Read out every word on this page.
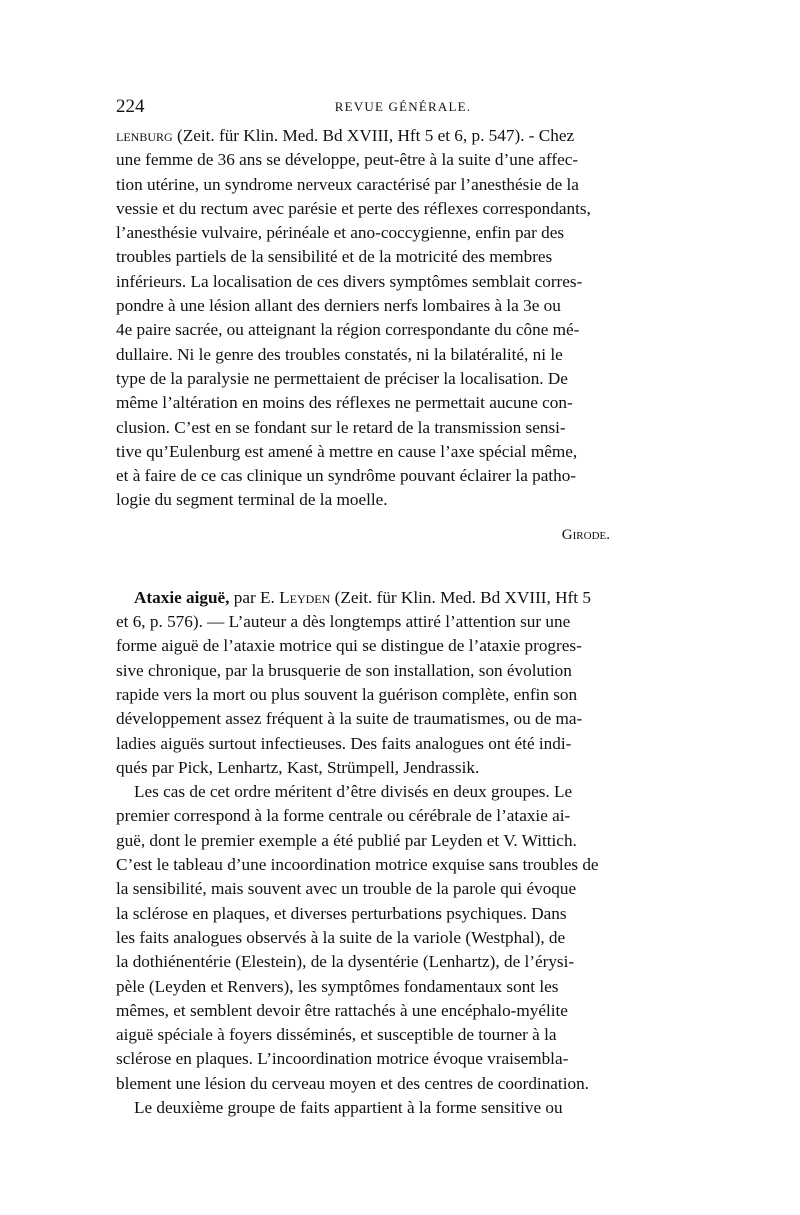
224	REVUE GÉNÉRALE.

lenburg (Zeit. für Klin. Med. Bd XVIII, Hft 5 et 6, p. 547). - Chez
une femme de 36 ans se développe, peut-être à la suite d’une affec-
tion utérine, un syndrome nerveux caractérisé par l’anesthésie de la
vessie et du rectum avec parésie et perte des réflexes correspondants,
l’anesthésie vulvaire, périnéale et ano-coccygienne, enfin par des
troubles partiels de la sensibilité et de la motricité des membres
inférieurs. La localisation de ces divers symptômes semblait corres-
pondre à une lésion allant des derniers nerfs lombaires à la 3e ou
4e paire sacrée, ou atteignant la région correspondante du cône mé-
dullaire. Ni le genre des troubles constatés, ni la bilatéralité, ni le
type de la paralysie ne permettaient de préciser la localisation. De
même l’altération en moins des réflexes ne permettait aucune con-
clusion. C’est en se fondant sur le retard de la transmission sensi-
tive qu’Eulenburg est amené à mettre en cause l’axe spécial même,
et à faire de ce cas clinique un syndrôme pouvant éclairer la patho-
logie du segment terminal de la moelle.

Girode.

Ataxie aiguë, par E. Leyden (Zeit. für Klin. Med. Bd XVIII, Hft 5
et 6, p. 576). — L’auteur a dès longtemps attiré l’attention sur une
forme aiguë de l’ataxie motrice qui se distingue de l’ataxie progres-
sive chronique, par la brusquerie de son installation, son évolution
rapide vers la mort ou plus souvent la guérison complète, enfin son
développement assez fréquent à la suite de traumatismes, ou de ma-
ladies aiguës surtout infectieuses. Des faits analogues ont été indi-
qués par Pick, Lenhartz, Kast, Strümpell, Jendrassik.

Les cas de cet ordre méritent d’être divisés en deux groupes. Le
premier correspond à la forme centrale ou cérébrale de l’ataxie ai-
guë, dont le premier exemple a été publié par Leyden et V. Wittich.
C’est le tableau d’une incoordination motrice exquise sans troubles de
la sensibilité, mais souvent avec un trouble de la parole qui évoque
la sclérose en plaques, et diverses perturbations psychiques. Dans
les faits analogues observés à la suite de la variole (Westphal), de
la dothiénentérie (Elestein), de la dysentérie (Lenhartz), de l’érysi-
pèle (Leyden et Renvers), les symptômes fondamentaux sont les
mêmes, et semblent devoir être rattachés à une encéphalo-myélite
aiguë spéciale à foyers disséminés, et susceptible de tourner à la
sclérose en plaques. L’incoordination motrice évoque vraisembla-
blement une lésion du cerveau moyen et des centres de coordination.

Le deuxième groupe de faits appartient à la forme sensitive ou
